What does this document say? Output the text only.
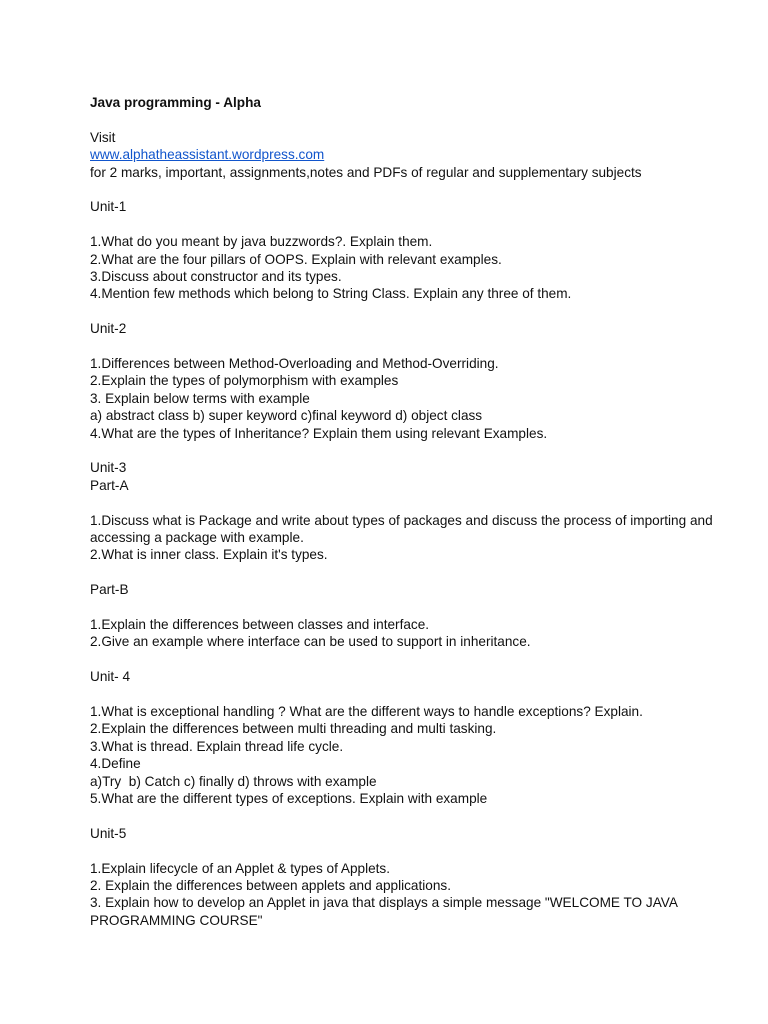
Java programming - Alpha

Visit

www.alphatheassistant.wordpress.com

for 2 marks, important, assignments,notes and PDFs of regular and supplementary subjects

Unit-1

1.What do you meant by java buzzwords?. Explain them.

2.What are the four pillars of OOPS. Explain with relevant examples.

3.Discuss about constructor and its types.

4.Mention few methods which belong to String Class. Explain any three of them.

Unit-2

1.Differences between Method-Overloading and Method-Overriding.

2.Explain the types of polymorphism with examples

3. Explain below terms with example

a) abstract class b) super keyword c)final keyword d) object class

4.What are the types of Inheritance? Explain them using relevant Examples.

Unit-3

Part-A

1.Discuss what is Package and write about types of packages and discuss the process of importing and accessing a package with example.

2.What is inner class. Explain it's types.

Part-B

1.Explain the differences between classes and interface.

2.Give an example where interface can be used to support in inheritance.

Unit- 4

1.What is exceptional handling ? What are the different ways to handle exceptions? Explain.

2.Explain the differences between multi threading and multi tasking.

3.What is thread. Explain thread life cycle.

4.Define

a)Try  b) Catch c) finally d) throws with example

5.What are the different types of exceptions. Explain with example

Unit-5

1.Explain lifecycle of an Applet & types of Applets.

2. Explain the differences between applets and applications.

3. Explain how to develop an Applet in java that displays a simple message "WELCOME TO JAVA PROGRAMMING COURSE"
